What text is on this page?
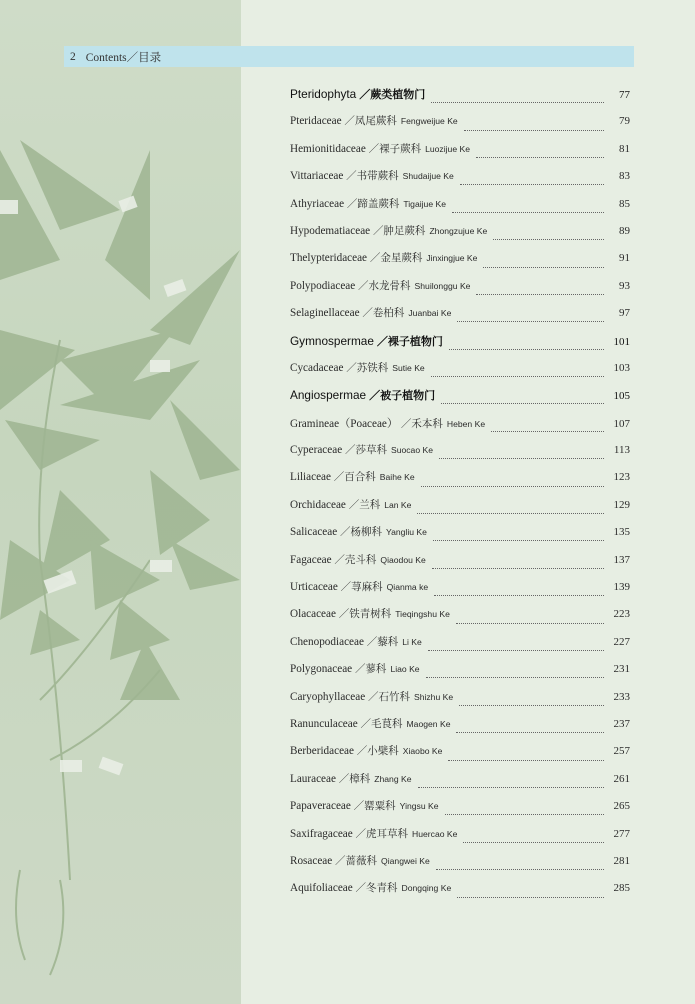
2 Contents／目录
Pteridophyta ／蕨类植物门	77
Pteridaceae ／凤尾蕨科 Fengweijue Ke	79
Hemionitidaceae ／裸子蕨科 Luozijue Ke	81
Vittariaceae ／书带蕨科 Shudaijue Ke	83
Athyriaceae ／蹄盖蕨科 Tigaijue Ke	85
Hypodematiaceae ／肿足蕨科 Zhongzujue Ke	89
Thelypteridaceae ／金星蕨科 Jinxingjue Ke	91
Polypodiaceae ／水龙骨科 Shuilonggu Ke	93
Selaginellaceae ／卷柏科 Juanbai Ke	97
Gymnospermae ／裸子植物门	101
Cycadaceae ／苏铁科 Sutie Ke	103
Angiospermae ／被子植物门	105
Gramineae（Poaceae） ／禾本科 Heben Ke	107
Cyperaceae ／莎草科 Suocao Ke	113
Liliaceae ／百合科 Baihe Ke	123
Orchidaceae ／兰科 Lan Ke	129
Salicaceae ／杨柳科 Yangliu Ke	135
Fagaceae ／壳斗科 Qiaodou Ke	137
Urticaceae ／荨麻科 Qianma ke	139
Olacaceae ／铁青树科 Tieqingshu Ke	223
Chenopodiaceae ／藜科 Li Ke	227
Polygonaceae ／蓼科 Liao Ke	231
Caryophyllaceae ／石竹科 Shizhu Ke	233
Ranunculaceae ／毛茛科 Maogen Ke	237
Berberidaceae ／小檗科 Xiaobo Ke	257
Lauraceae ／樟科 Zhang Ke	261
Papaveraceae ／罂粟科 Yingsu Ke	265
Saxifragaceae ／虎耳草科 Huercao Ke	277
Rosaceae ／蔷薇科 Qiangwei Ke	281
Aquifoliaceae ／冬青科 Dongqing Ke	285
